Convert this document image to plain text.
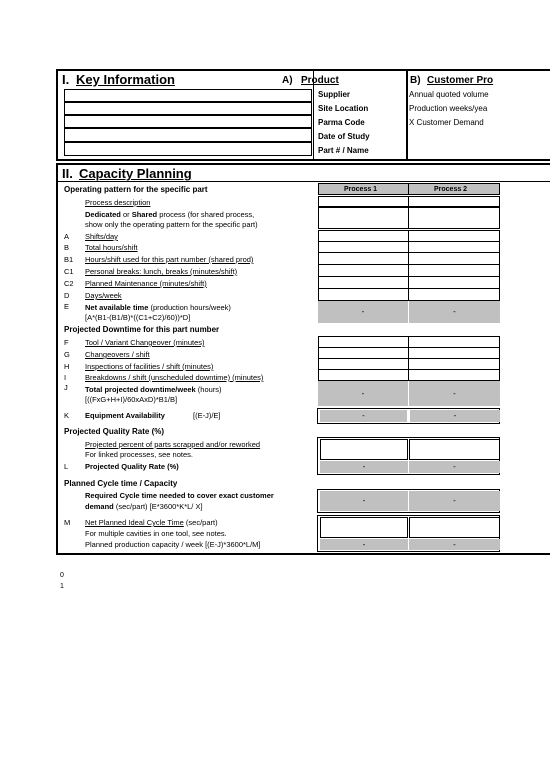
I. Key Information	A) Product	B) Customer Pro
Supplier
Site Location
Parma Code
Date of Study
Part # / Name
Annual quoted volume
Production weeks/yea
X Customer Demand
II. Capacity Planning
Operating pattern for the specific part	Process 1	Process 2
Process description
Dedicated or Shared process (for shared process,
show only the operating pattern for the specific part)
A Shifts/day
B Total hours/shift
B1 Hours/shift used for this part number (shared prod)
C1 Personal breaks: lunch, breaks (minutes/shift)
C2 Planned Maintenance (minutes/shift)
D Days/week
E Net available time (production hours/week)
[A*(B1-(B1/B)*((C1+C2)/60))*D]
-	-
Projected Downtime for this part number
F Tool / Variant Changeover (minutes)
G Changeovers / shift
H Inspections of facilities / shift (minutes)
I	Breakdowns / shift (unscheduled downtime) (minutes)
J Total projected downtime/week (hours)
[((FxG+H+I)/60xAxD)*B1/B]
-	-
K Equipment Availability	[(E-J)/E]	-	-
Projected Quality Rate (%)
Projected percent of parts scrapped and/or reworked
For linked processes, see notes.
L Projected Quality Rate (%)	-	-
Planned Cycle time / Capacity
Required Cycle time needed to cover exact customer
demand (sec/part) [E*3600*K*L/ X]
-	-
M Net Planned Ideal Cycle Time (sec/part)
For multiple cavities in one tool, see notes.
Planned production capacity / week [(E-J)*3600*L/M]	-	-
0
1
